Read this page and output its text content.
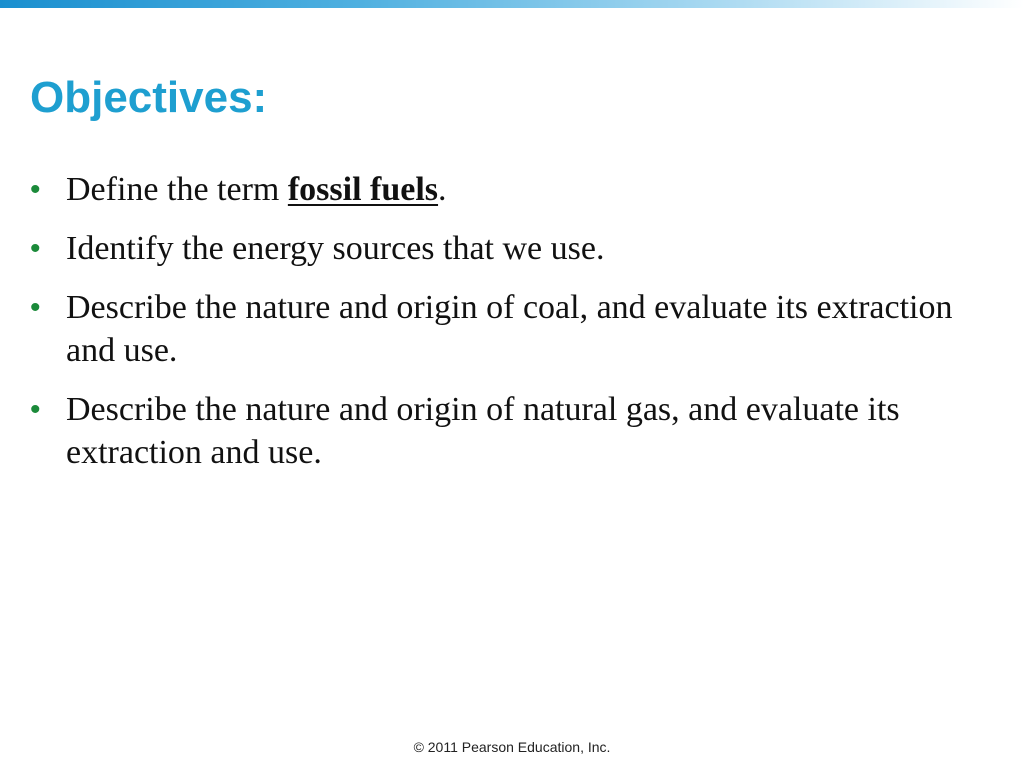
Objectives:
• Define the term fossil fuels.
• Identify the energy sources that we use.
• Describe the nature and origin of coal, and evaluate its extraction and use.
• Describe the nature and origin of natural gas, and evaluate its extraction and use.
© 2011 Pearson Education, Inc.
